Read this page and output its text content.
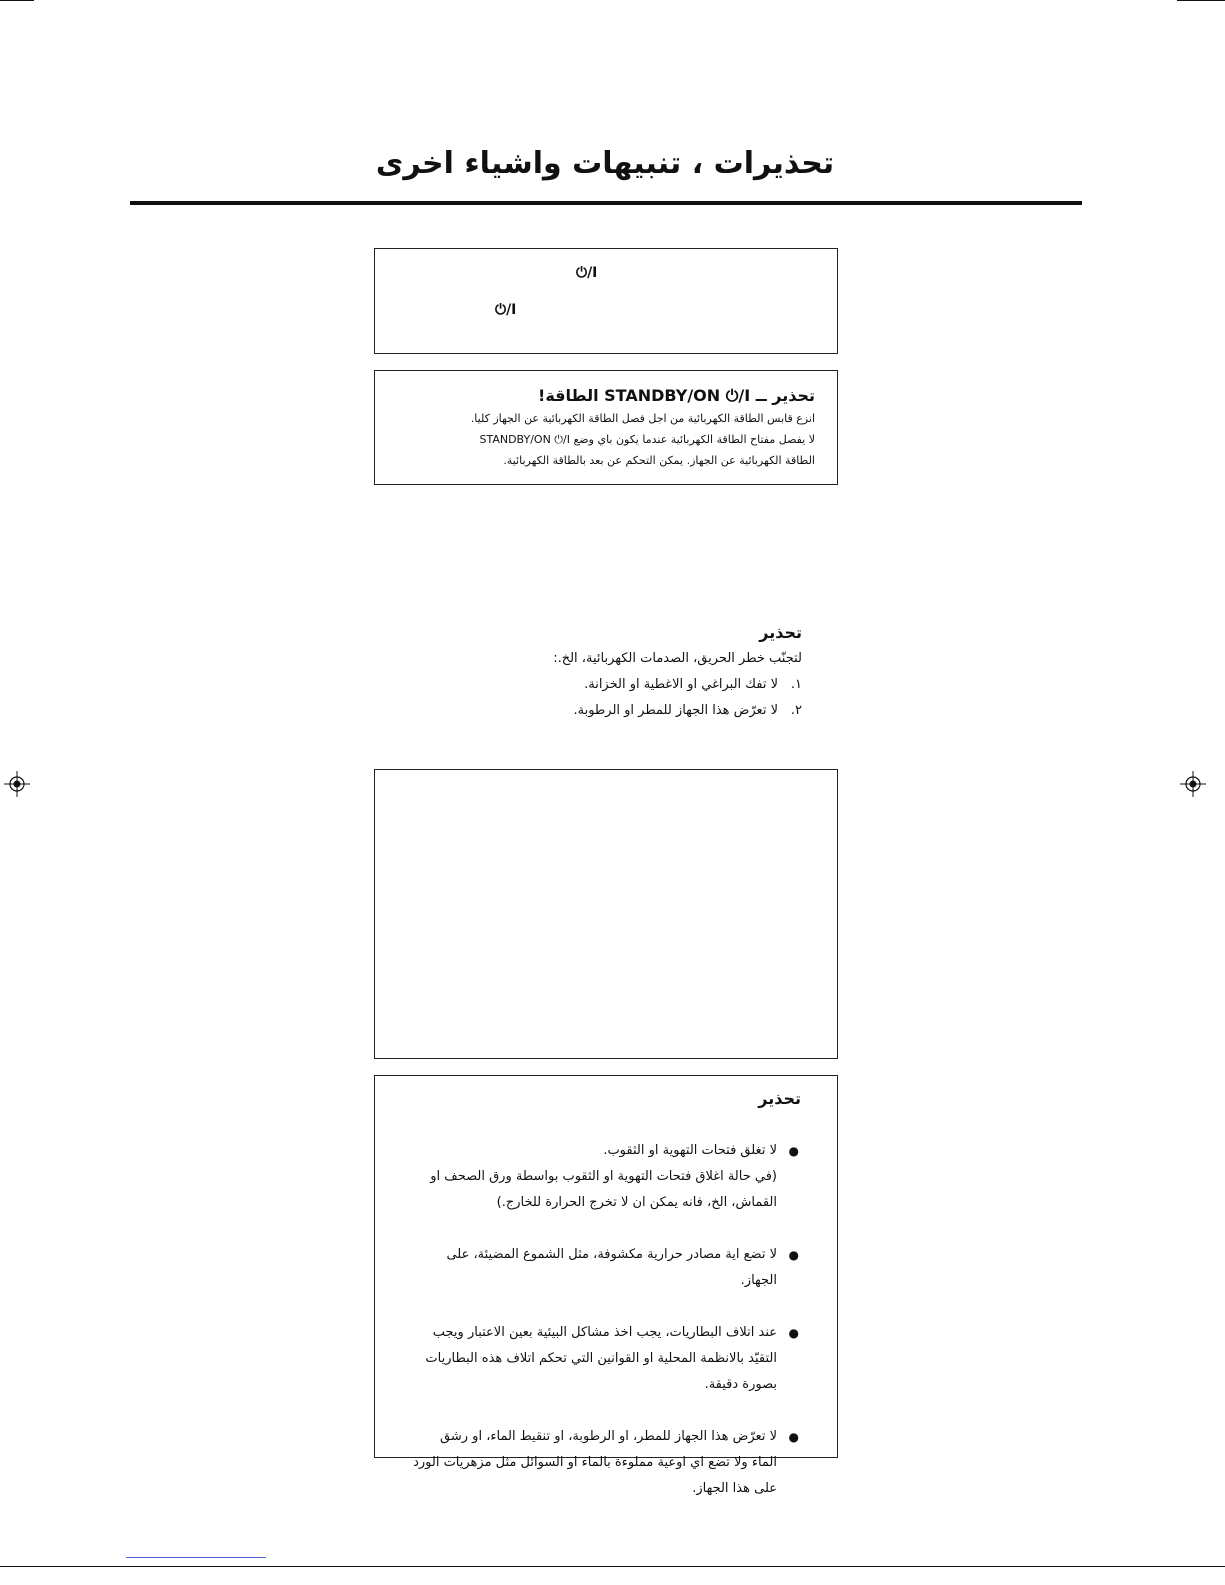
تحذيرات ، تنبيهات واشياء اخرى
⏻/I
⏻/I
تحذير ــ STANDBY/ON ⏻/I الطاقة!
انزع قابس الطاقة الكهربائية من اجل فصل الطاقة الكهربائية عن الجهاز كليا.
لا يفصل مفتاح الطاقة الكهربائية عندما يكون باي وضع STANDBY/ON ⏻/I
الطاقة الكهربائية عن الجهاز. يمكن التحكم عن بعد بالطاقة الكهربائية.
تحذير
لتجنّب خطر الحريق، الصدمات الكهربائية، الخ.:
١.
لا تفك البراغي او الاغطية او الخزانة.
٢.
لا تعرّض هذا الجهاز للمطر او الرطوبة.
تحذير

●
لا تغلق فتحات التهوية او الثقوب.
(في حالة اغلاق فتحات التهوية او الثقوب بواسطة ورق الصحف او القماش، الخ، فانه يمكن ان لا تخرج الحرارة للخارج.)

●
لا تضع اية مصادر حرارية مكشوفة، مثل الشموع المضيئة، على الجهاز.

●
عند اتلاف البطاريات، يجب اخذ مشاكل البيئية بعين الاعتبار ويجب التقيّد بالانظمة المحلية او القوانين التي تحكم اتلاف هذه البطاريات بصورة دقيقة.

●
لا تعرّض هذا الجهاز للمطر، او الرطوبة، او تنقيط الماء، او رشق الماء ولا تضع اي اوعية مملوءة بالماء او السوائل مثل مزهريات الورد على هذا الجهاز.
